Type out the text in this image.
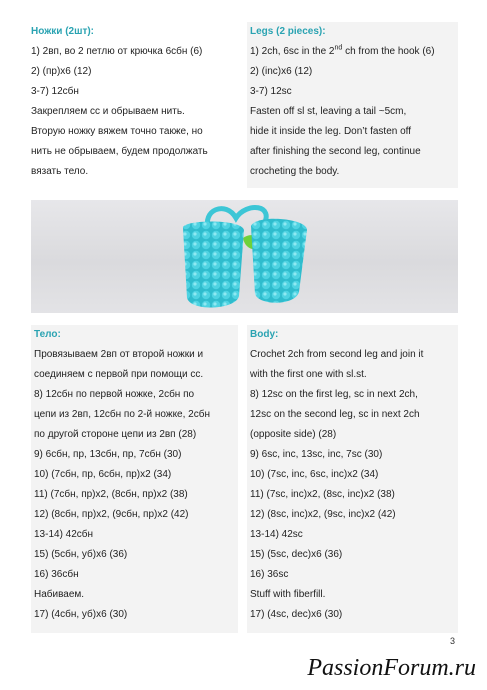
Ножки (2шт):
1) 2вп, во 2 петлю от крючка 6сбн (6)
2) (пр)х6 (12)
3-7) 12сбн
Закрепляем сс и обрываем нить.
Вторую ножку вяжем точно также, но
нить не обрываем, будем продолжать
вязать тело.
Legs (2 pieces):
1) 2ch, 6sc in the 2nd ch from the hook (6)
2) (inc)x6 (12)
3-7) 12sc
Fasten off sl st, leaving a tail ~5cm,
hide it inside the leg. Don’t fasten off
after finishing the second leg, continue
crocheting the body.
Тело:
Провязываем 2вп от второй ножки и
соединяем с первой при помощи сс.
8) 12сбн по первой ножке, 2сбн по
цепи из 2вп, 12сбн по 2-й ножке, 2сбн
по другой стороне цепи из 2вп (28)
9) 6сбн, пр, 13сбн, пр, 7сбн (30)
10) (7сбн, пр, 6сбн, пр)х2 (34)
11) (7сбн, пр)х2, (8сбн, пр)х2 (38)
12) (8сбн, пр)х2, (9сбн, пр)х2 (42)
13-14) 42сбн
15) (5сбн, уб)х6 (36)
16) 36сбн
Набиваем.
17) (4сбн, уб)х6 (30)
Body:
Crochet 2ch from second leg and join it
with the first one with sl.st.
8) 12sc on the first leg, sc in next 2ch,
12sc on the second leg, sc in next 2ch
(opposite side) (28)
9) 6sc, inc, 13sc, inc, 7sc (30)
10) (7sc, inc, 6sc, inc)x2 (34)
11) (7sc, inc)x2, (8sc, inc)x2 (38)
12) (8sc, inc)x2, (9sc, inc)x2 (42)
13-14) 42sc
15) (5sc, dec)x6 (36)
16) 36sc
Stuff with fiberfill.
17) (4sc, dec)x6 (30)
3
PassionForum.ru
